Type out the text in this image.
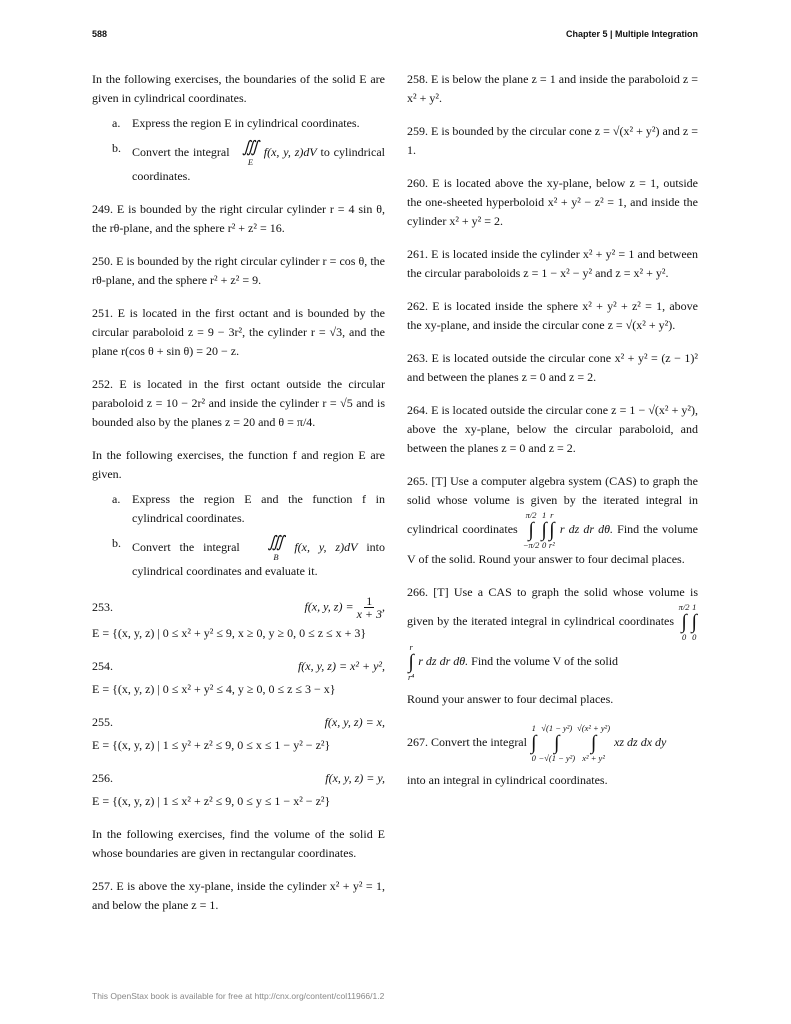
588	Chapter 5 | Multiple Integration
In the following exercises, the boundaries of the solid E are given in cylindrical coordinates.
a. Express the region E in cylindrical coordinates.
b. Convert the integral ∭
E
f(x, y, z)dV to cylindrical coordinates.
249. E is bounded by the right circular cylinder r = 4 sin θ, the rθ-plane, and the sphere r² + z² = 16.
250. E is bounded by the right circular cylinder r = cos θ, the rθ-plane, and the sphere r² + z² = 9.
251. E is located in the first octant and is bounded by the circular paraboloid z = 9 − 3r², the cylinder r = √3, and the plane r(cos θ + sin θ) = 20 − z.
252. E is located in the first octant outside the circular paraboloid z = 10 − 2r² and inside the cylinder r = √5 and is bounded also by the planes z = 20 and θ = π/4.
In the following exercises, the function f and region E are given.
a. Express the region E and the function f in cylindrical coordinates.
b. Convert the integral ∭
B
f(x, y, z)dV into cylindrical coordinates and evaluate it.
253.	f(x, y, $z) = \frac{1}{x + 3}$ ,
E = {(x, y, z) | 0 ≤ x² + y² ≤ 9, x ≥ 0, y ≥ 0, 0 ≤ z ≤ x + 3}
254.	f(x, y, z) = x² + y²,
E = {(x, y, z) | 0 ≤ x² + y² ≤ 4, y ≥ 0, 0 ≤ z ≤ 3 − x}
255.	f(x, y, z) = x,
E = {(x, y, z) | 1 ≤ y² + z² ≤ 9, 0 ≤ x ≤ 1 − y² − z²}
256.	f(x, y, z) = y,
E = {(x, y, z) | 1 ≤ x² + z² ≤ 9, 0 ≤ y ≤ 1 − x² − z²}
In the following exercises, find the volume of the solid E whose boundaries are given in rectangular coordinates.
257. E is above the xy-plane, inside the cylinder x² + y² = 1, and below the plane z = 1.
258. E is below the plane z = 1 and inside the paraboloid z = x² + y².
259. E is bounded by the circular cone z = √(x² + y²) and z = 1.
260. E is located above the xy-plane, below z = 1, outside the one-sheeted hyperboloid x² + y² − z² = 1, and inside the cylinder x² + y² = 2.
261. E is located inside the cylinder x² + y² = 1 and between the circular paraboloids z = 1 − x² − y² and z = x² + y².
262. E is located inside the sphere x² + y² + z² = 1, above the xy-plane, and inside the circular cone z = √(x² + y²).
263. E is located outside the circular cone x² + y² = (z − 1)² and between the planes z = 0 and z = 2.
264. E is located outside the circular cone z = 1 − √(x² + y²), above the xy-plane, below the circular paraboloid, and between the planes z = 0 and z = 2.
265. [T] Use a computer algebra system (CAS) to graph the solid whose volume is given by the iterated integral in cylindrical coordinates
π/2
∫
−π/2
1
∫
0
r
∫
r²
r dz dr dθ. Find the volume V of the solid. Round your answer to four decimal places.
266. [T] Use a CAS to graph the solid whose volume is given by the iterated integral in cylindrical coordinates
π/2
∫
0
1
∫
0
r
∫
r⁴
r dz dr dθ. Find the volume V of the solid
Round your answer to four decimal places.
267. Convert the integral
1
∫
0
√(1 − y²)
∫
−√(1 − y²)
√(x² + y²)
∫
x² + y²
xz dz dx dy
into an integral in cylindrical coordinates.
This OpenStax book is available for free at http://cnx.org/content/col11966/1.2
